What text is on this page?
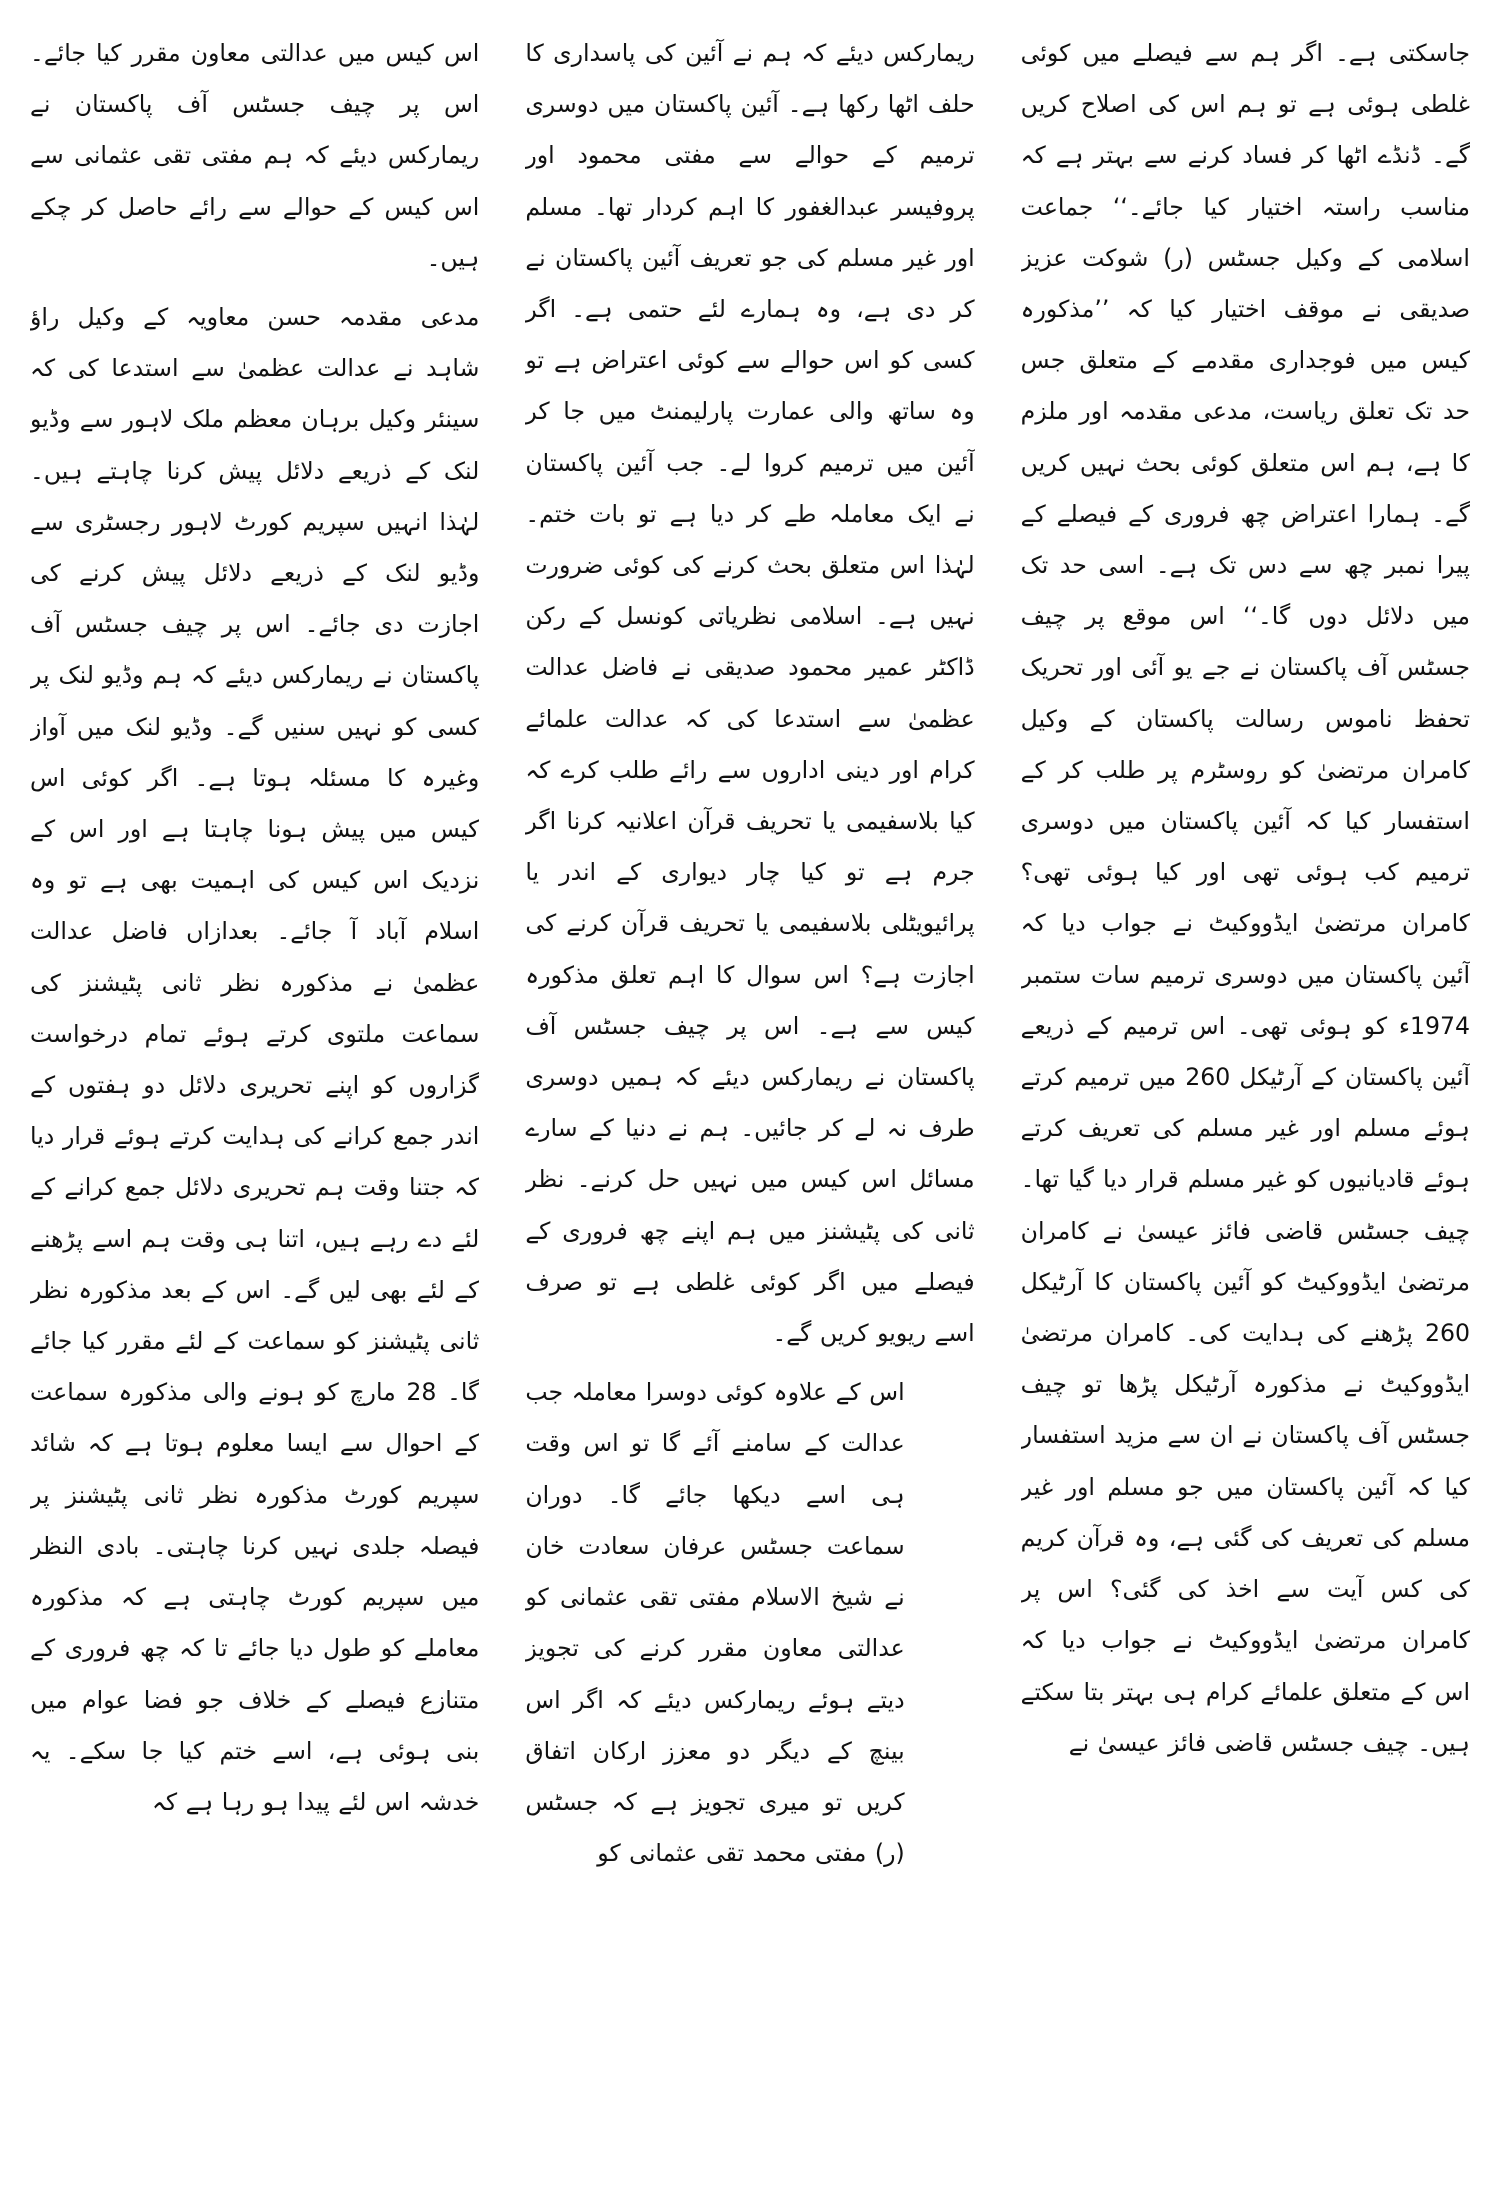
جاسکتی ہے۔ اگر ہم سے فیصلے میں کوئی غلطی ہوئی ہے تو ہم اس کی اصلاح کریں گے۔ ڈنڈے اٹھا کر فساد کرنے سے بہتر ہے کہ مناسب راستہ اختیار کیا جائے۔‘‘ جماعت اسلامی کے وکیل جسٹس (ر) شوکت عزیز صدیقی نے موقف اختیار کیا کہ ’’مذکورہ کیس میں فوجداری مقدمے کے متعلق جس حد تک تعلق ریاست، مدعی مقدمہ اور ملزم کا ہے، ہم اس متعلق کوئی بحث نہیں کریں گے۔ ہمارا اعتراض چھ فروری کے فیصلے کے پیرا نمبر چھ سے دس تک ہے۔ اسی حد تک میں دلائل دوں گا۔‘‘ اس موقع پر چیف جسٹس آف پاکستان نے جے یو آئی اور تحریک تحفظ ناموس رسالت پاکستان کے وکیل کامران مرتضیٰ کو روسٹرم پر طلب کر کے استفسار کیا کہ آئین پاکستان میں دوسری ترمیم کب ہوئی تھی اور کیا ہوئی تھی؟ کامران مرتضیٰ ایڈووکیٹ نے جواب دیا کہ آئین پاکستان میں دوسری ترمیم سات ستمبر 1974ء کو ہوئی تھی۔ اس ترمیم کے ذریعے آئین پاکستان کے آرٹیکل 260 میں ترمیم کرتے ہوئے مسلم اور غیر مسلم کی تعریف کرتے ہوئے قادیانیوں کو غیر مسلم قرار دیا گیا تھا۔ چیف جسٹس قاضی فائز عیسیٰ نے کامران مرتضیٰ ایڈووکیٹ کو آئین پاکستان کا آرٹیکل 260 پڑھنے کی ہدایت کی۔ کامران مرتضیٰ ایڈووکیٹ نے مذکورہ آرٹیکل پڑھا تو چیف جسٹس آف پاکستان نے ان سے مزید استفسار کیا کہ آئین پاکستان میں جو مسلم اور غیر مسلم کی تعریف کی گئی ہے، وہ قرآن کریم کی کس آیت سے اخذ کی گئی؟ اس پر کامران مرتضیٰ ایڈووکیٹ نے جواب دیا کہ اس کے متعلق علمائے کرام ہی بہتر بتا سکتے ہیں۔ چیف جسٹس قاضی فائز عیسیٰ نے

ریمارکس دیئے کہ ہم نے آئین کی پاسداری کا حلف اٹھا رکھا ہے۔ آئین پاکستان میں دوسری ترمیم کے حوالے سے مفتی محمود اور پروفیسر عبدالغفور کا اہم کردار تھا۔ مسلم اور غیر مسلم کی جو تعریف آئین پاکستان نے کر دی ہے، وہ ہمارے لئے حتمی ہے۔ اگر کسی کو اس حوالے سے کوئی اعتراض ہے تو وہ ساتھ والی عمارت پارلیمنٹ میں جا کر آئین میں ترمیم کروا لے۔ جب آئین پاکستان نے ایک معاملہ طے کر دیا ہے تو بات ختم۔ لہٰذا اس متعلق بحث کرنے کی کوئی ضرورت نہیں ہے۔ اسلامی نظریاتی کونسل کے رکن ڈاکٹر عمیر محمود صدیقی نے فاضل عدالت عظمیٰ سے استدعا کی کہ عدالت علمائے کرام اور دینی اداروں سے رائے طلب کرے کہ کیا بلاسفیمی یا تحریف قرآن اعلانیہ کرنا اگر جرم ہے تو کیا چار دیواری کے اندر یا پرائیویٹلی بلاسفیمی یا تحریف قرآن کرنے کی اجازت ہے؟ اس سوال کا اہم تعلق مذکورہ کیس سے ہے۔ اس پر چیف جسٹس آف پاکستان نے ریمارکس دیئے کہ ہمیں دوسری طرف نہ لے کر جائیں۔ ہم نے دنیا کے سارے مسائل اس کیس میں نہیں حل کرنے۔ نظر ثانی کی پٹیشنز میں ہم اپنے چھ فروری کے فیصلے میں اگر کوئی غلطی ہے تو صرف اسے ریویو کریں گے۔

اس کے علاوہ کوئی دوسرا معاملہ جب عدالت کے سامنے آئے گا تو اس وقت ہی اسے دیکھا جائے گا۔ دوران سماعت جسٹس عرفان سعادت خان نے شیخ الاسلام مفتی تقی عثمانی کو عدالتی معاون مقرر کرنے کی تجویز دیتے ہوئے ریمارکس دیئے کہ اگر اس بینچ کے دیگر دو معزز ارکان اتفاق کریں تو میری تجویز ہے کہ جسٹس (ر) مفتی محمد تقی عثمانی کو

اس کیس میں عدالتی معاون مقرر کیا جائے۔ اس پر چیف جسٹس آف پاکستان نے ریمارکس دیئے کہ ہم مفتی تقی عثمانی سے اس کیس کے حوالے سے رائے حاصل کر چکے ہیں۔

مدعی مقدمہ حسن معاویہ کے وکیل راؤ شاہد نے عدالت عظمیٰ سے استدعا کی کہ سینئر وکیل برہان معظم ملک لاہور سے وڈیو لنک کے ذریعے دلائل پیش کرنا چاہتے ہیں۔ لہٰذا انہیں سپریم کورٹ لاہور رجسٹری سے وڈیو لنک کے ذریعے دلائل پیش کرنے کی اجازت دی جائے۔ اس پر چیف جسٹس آف پاکستان نے ریمارکس دیئے کہ ہم وڈیو لنک پر کسی کو نہیں سنیں گے۔ وڈیو لنک میں آواز وغیرہ کا مسئلہ ہوتا ہے۔ اگر کوئی اس کیس میں پیش ہونا چاہتا ہے اور اس کے نزدیک اس کیس کی اہمیت بھی ہے تو وہ اسلام آباد آ جائے۔ بعدازاں فاضل عدالت عظمیٰ نے مذکورہ نظر ثانی پٹیشنز کی سماعت ملتوی کرتے ہوئے تمام درخواست گزاروں کو اپنے تحریری دلائل دو ہفتوں کے اندر جمع کرانے کی ہدایت کرتے ہوئے قرار دیا کہ جتنا وقت ہم تحریری دلائل جمع کرانے کے لئے دے رہے ہیں، اتنا ہی وقت ہم اسے پڑھنے کے لئے بھی لیں گے۔ اس کے بعد مذکورہ نظر ثانی پٹیشنز کو سماعت کے لئے مقرر کیا جائے گا۔ 28 مارچ کو ہونے والی مذکورہ سماعت کے احوال سے ایسا معلوم ہوتا ہے کہ شائد سپریم کورٹ مذکورہ نظر ثانی پٹیشنز پر فیصلہ جلدی نہیں کرنا چاہتی۔ بادی النظر میں سپریم کورٹ چاہتی ہے کہ مذکورہ معاملے کو طول دیا جائے تا کہ چھ فروری کے متنازع فیصلے کے خلاف جو فضا عوام میں بنی ہوئی ہے، اسے ختم کیا جا سکے۔ یہ خدشہ اس لئے پیدا ہو رہا ہے کہ
